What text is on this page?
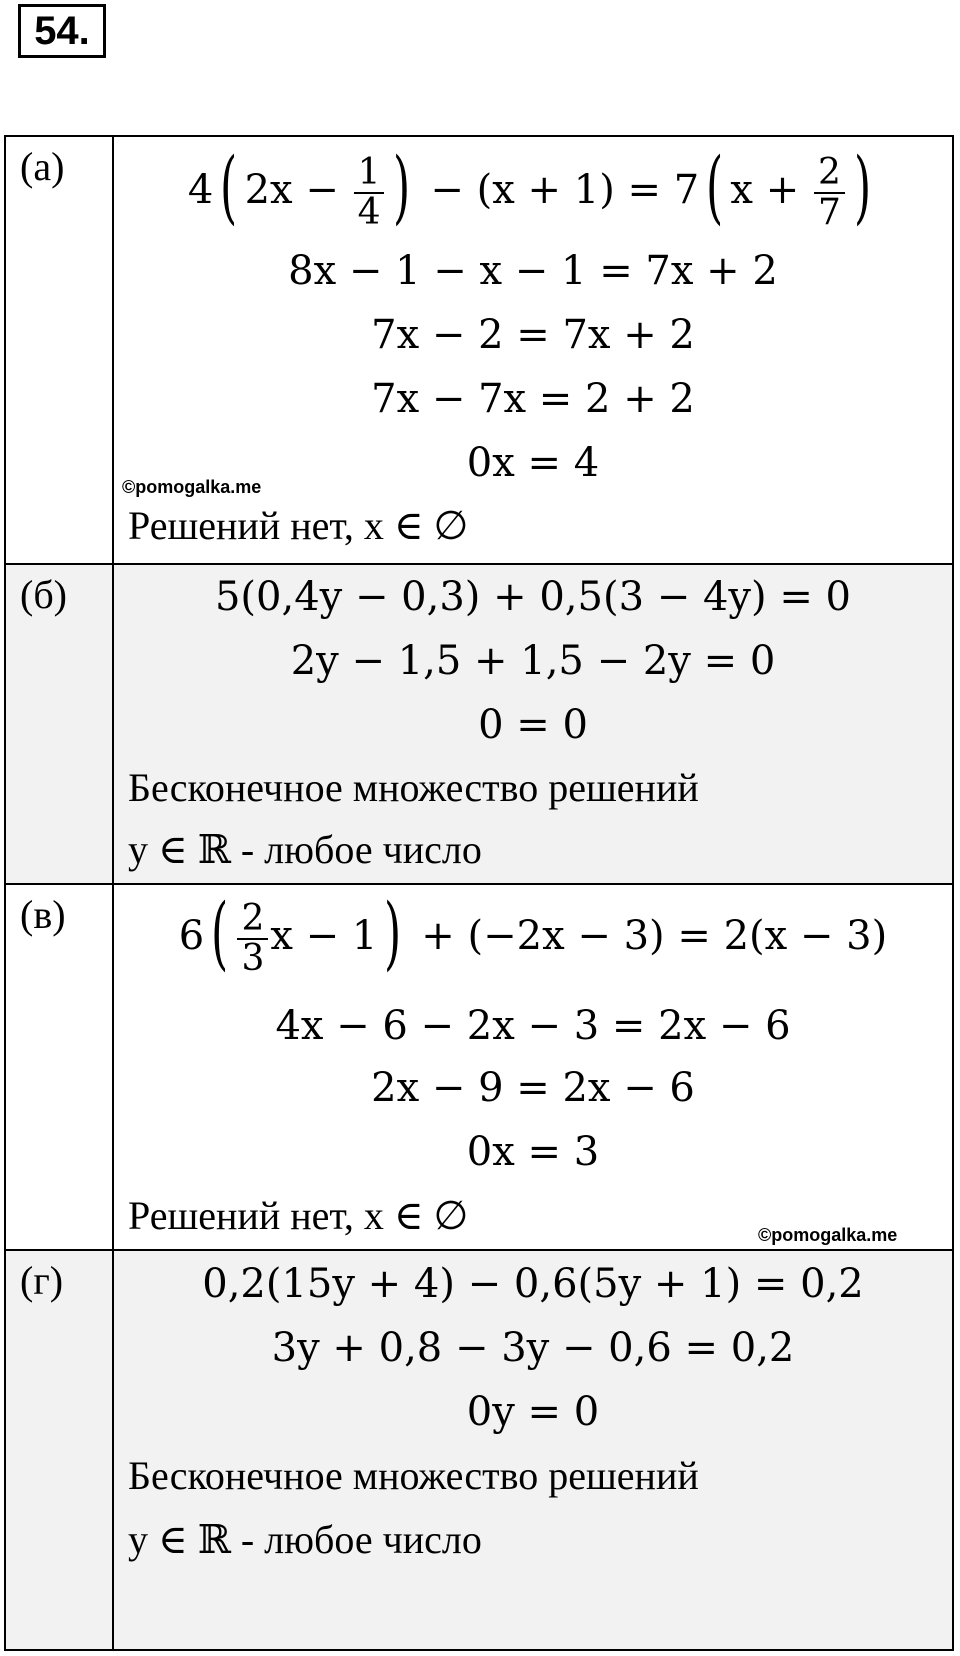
54.
(а)
4( $2x - \frac{1}{4}$ ) − (x + 1) = 7( $x + \frac{2}{7}$ )
8x − 1 − x − 1 = 7x + 2
7x − 2 = 7x + 2
7x − 7x = 2 + 2
0x = 4
Решений нет, x ∈ ∅
©pomogalka.me
(б)	5(0,4y − 0,3) + 0,5(3 − 4y) = 0
2y − 1,5 + 1,5 − 2y = 0
0 = 0
Бесконечное множество решений
y ∈ ℝ - любое число
(в)	$6( \frac{2}{3}$ x − 1) + (−2x − 3) = 2(x − 3)
4x − 6 − 2x − 3 = 2x − 6
2x − 9 = 2x − 6
0x = 3
Решений нет, x ∈ ∅	©pomogalka.me
(г)	0,2(15y + 4) − 0,6(5y + 1) = 0,2
3y + 0,8 − 3y − 0,6 = 0,2
0y = 0
Бесконечное множество решений
y ∈ ℝ - любое число
